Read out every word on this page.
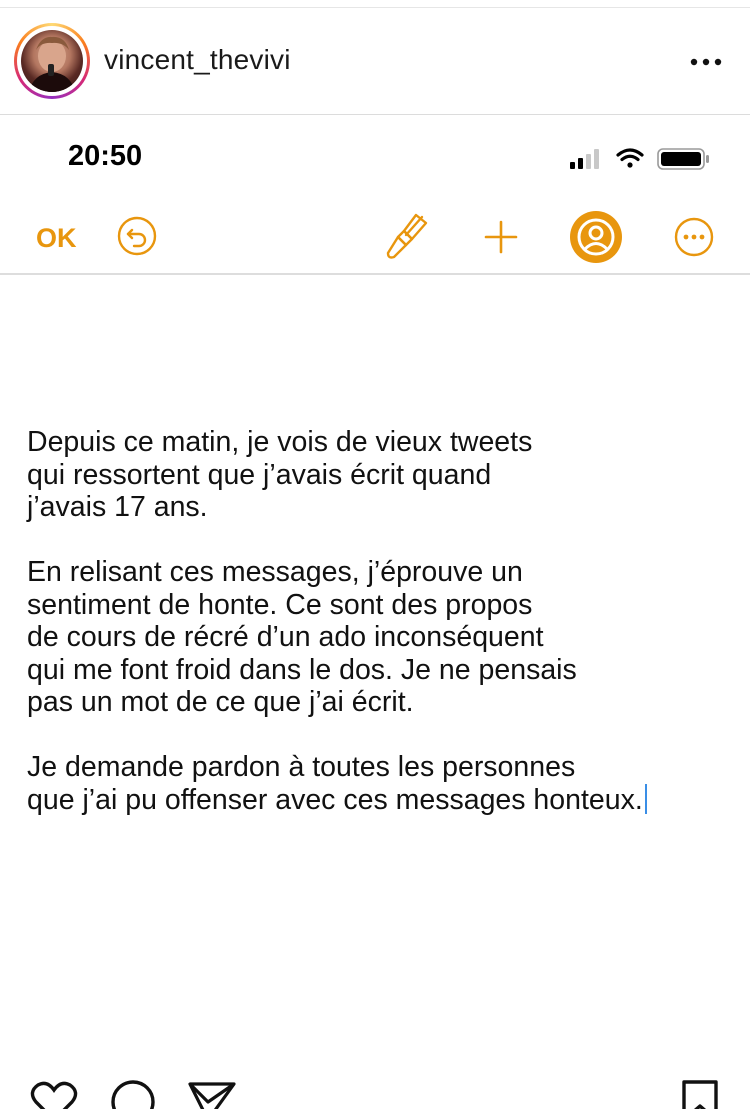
vincent_thevivi
20:50
OK
Depuis ce matin, je vois de vieux tweets
qui ressortent que j’avais écrit quand
j’avais 17 ans.
En relisant ces messages, j’éprouve un
sentiment de honte. Ce sont des propos
de cours de récré d’un ado inconséquent
qui me font froid dans le dos. Je ne pensais
pas un mot de ce que j’ai écrit.
Je demande pardon à toutes les personnes
que j’ai pu offenser avec ces messages honteux.
